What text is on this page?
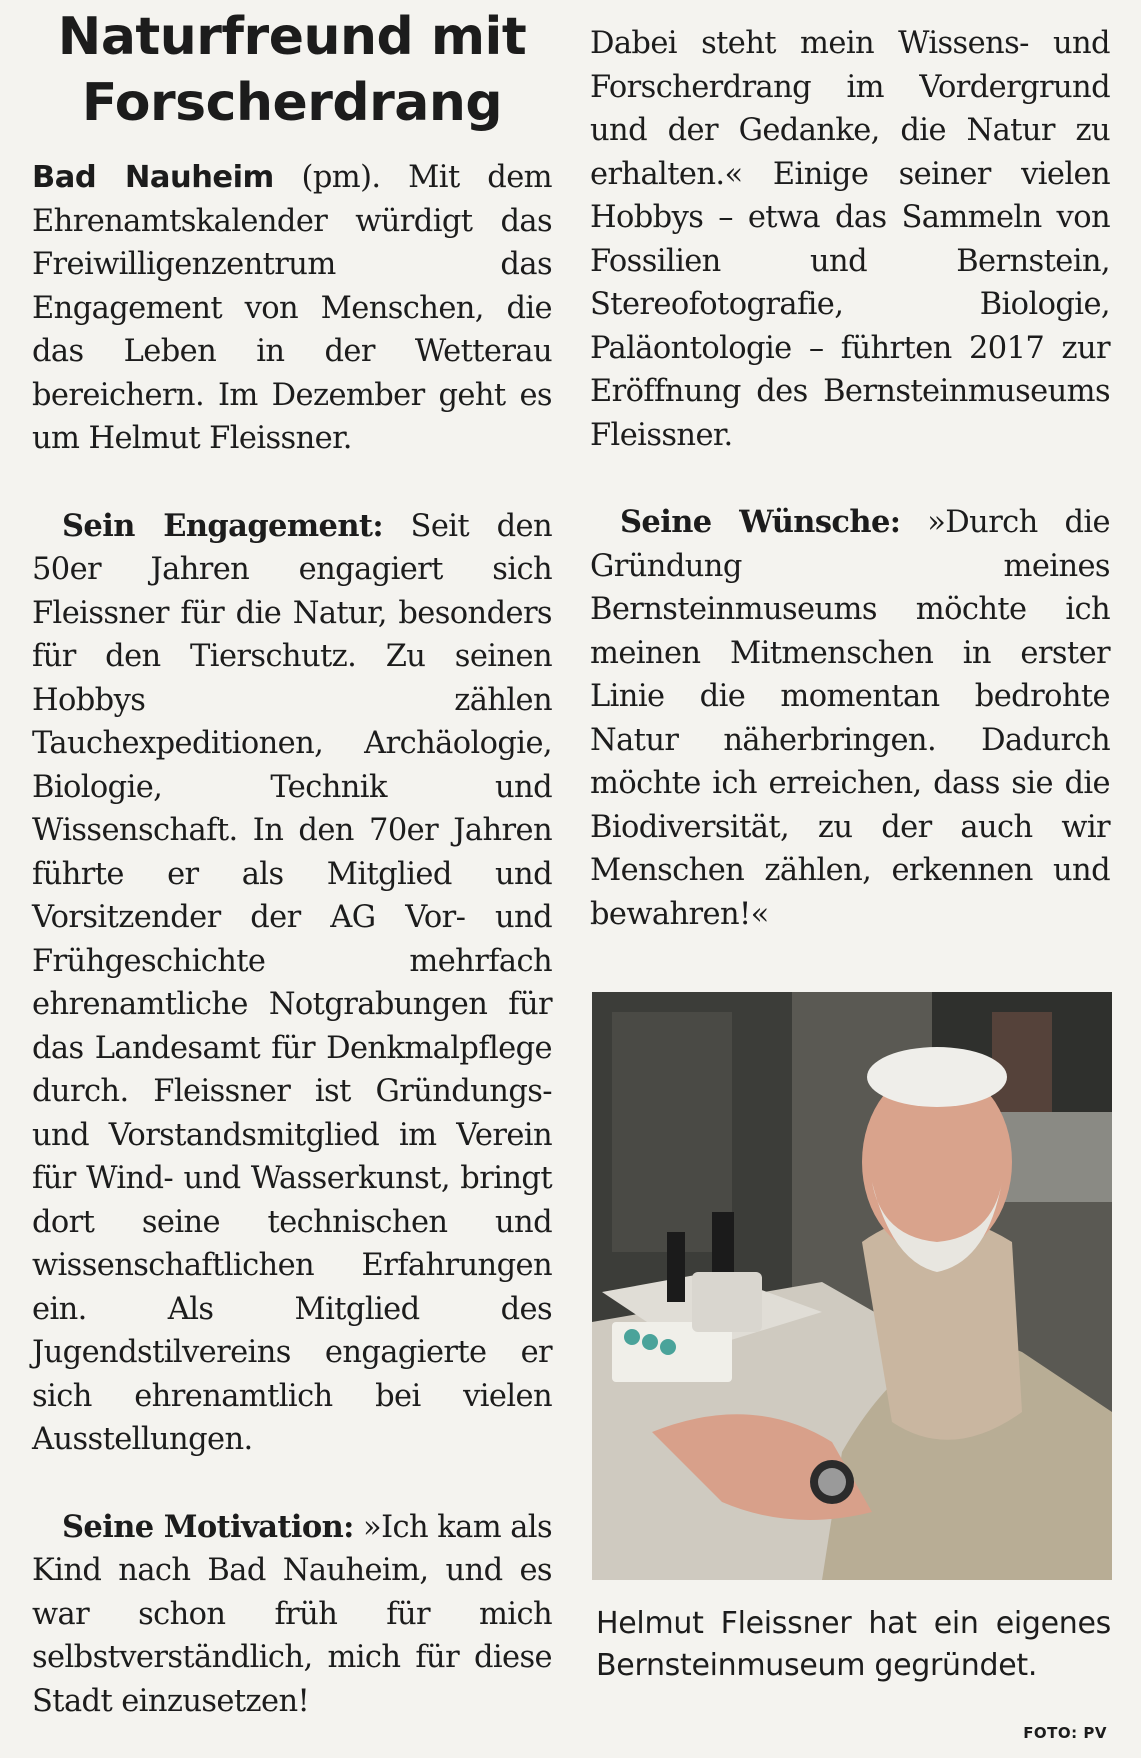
Naturfreund mit Forscherdrang

Bad Nauheim (pm). Mit dem Ehrenamtskalender würdigt das Freiwilligenzentrum das Engagement von Menschen, die das Leben in der Wetterau bereichern. Im Dezember geht es um Helmut Fleissner.

Sein Engagement: Seit den 50er Jahren engagiert sich Fleissner für die Natur, besonders für den Tierschutz. Zu seinen Hobbys zählen Tauchexpeditionen, Archäologie, Biologie, Technik und Wissenschaft. In den 70er Jahren führte er als Mitglied und Vorsitzender der AG Vor- und Frühgeschichte mehrfach ehrenamtliche Notgrabungen für das Landesamt für Denkmalpflege durch. Fleissner ist Gründungs- und Vorstandsmitglied im Verein für Wind- und Wasserkunst, bringt dort seine technischen und wissenschaftlichen Erfahrungen ein. Als Mitglied des Jugendstilvereins engagierte er sich ehrenamtlich bei vielen Ausstellungen.

Seine Motivation: »Ich kam als Kind nach Bad Nauheim, und es war schon früh für mich selbstverständlich, mich für diese Stadt einzusetzen!

Dabei steht mein Wissens- und Forscherdrang im Vordergrund und der Gedanke, die Natur zu erhalten.« Einige seiner vielen Hobbys – etwa das Sammeln von Fossilien und Bernstein, Stereofotografie, Biologie, Paläontologie – führten 2017 zur Eröffnung des Bernsteinmuseums Fleissner.

Seine Wünsche: »Durch die Gründung meines Bernsteinmuseums möchte ich meinen Mitmenschen in erster Linie die momentan bedrohte Natur näherbringen. Dadurch möchte ich erreichen, dass sie die Biodiversität, zu der auch wir Menschen zählen, erkennen und bewahren!«

Helmut Fleissner hat ein eigenes Bernsteinmuseum gegründet.
FOTO: PV
